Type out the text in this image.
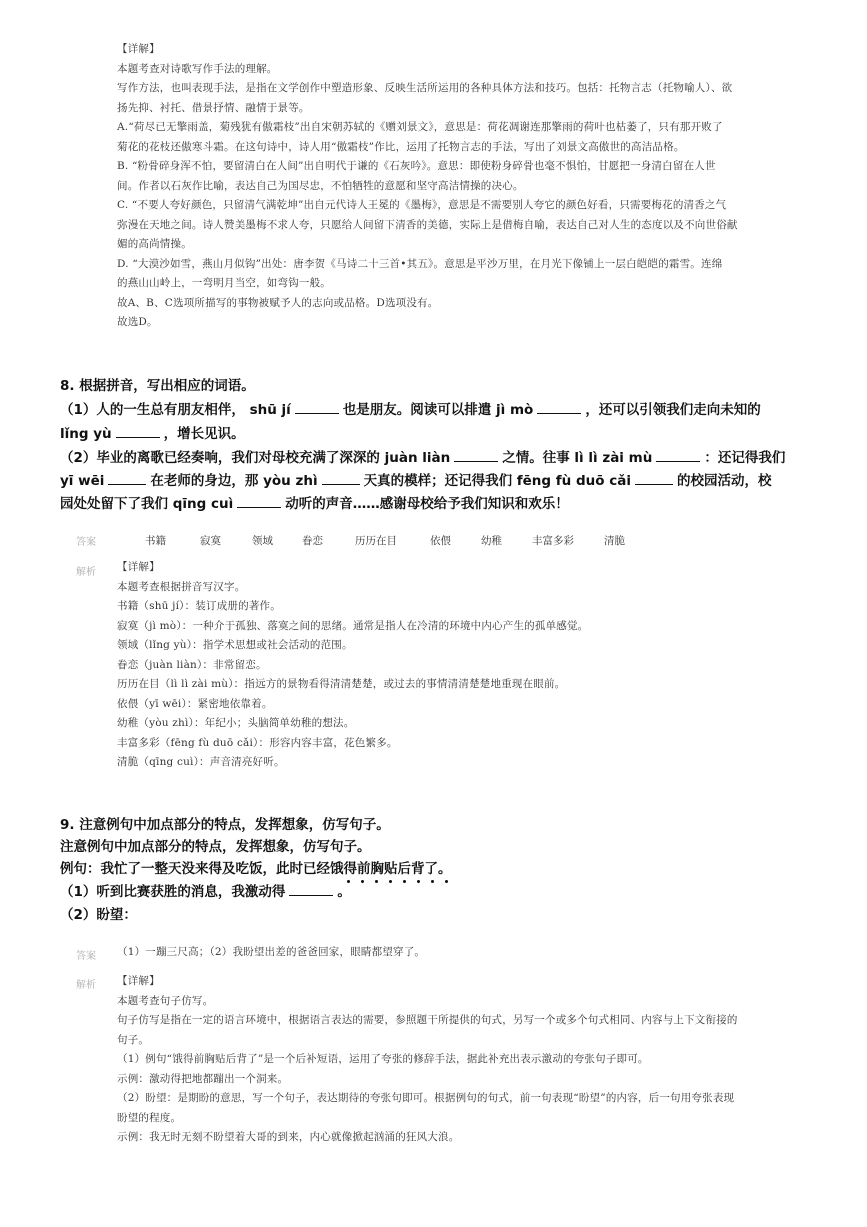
【详解】
本题考查对诗歌写作手法的理解。
写作方法，也叫表现手法，是指在文学创作中塑造形象、反映生活所运用的各种具体方法和技巧。包括：托物言志（托物喻人）、欲
扬先抑、衬托、借景抒情、融情于景等。
A.“荷尽已无擎雨盖，菊残犹有傲霜枝”出自宋朝苏轼的《赠刘景文》，意思是：荷花凋谢连那擎雨的荷叶也枯萎了，只有那开败了
菊花的花枝还傲寒斗霜。在这句诗中，诗人用“傲霜枝”作比，运用了托物言志的手法，写出了刘景文高傲世的高洁品格。
B. “粉骨碎身浑不怕，要留清白在人间”出自明代于谦的《石灰吟》。意思：即使粉身碎骨也毫不惧怕，甘愿把一身清白留在人世
间。作者以石灰作比喻，表达自己为国尽忠，不怕牺牲的意愿和坚守高洁情操的决心。
C. “不要人夸好颜色，只留清气满乾坤”出自元代诗人王冕的《墨梅》，意思是不需要别人夸它的颜色好看，只需要梅花的清香之气
弥漫在天地之间。诗人赞美墨梅不求人夸，只愿给人间留下清香的美德，实际上是借梅自喻，表达自己对人生的态度以及不向世俗献
媚的高尚情操。
D. “大漠沙如雪，燕山月似钩”出处：唐李贺《马诗二十三首•其五》。意思是平沙万里，在月光下像铺上一层白皑皑的霜雪。连绵
的燕山山岭上，一弯明月当空，如弯钩一般。
故A、B、C选项所描写的事物被赋予人的志向或品格。D选项没有。
故选D。
8. 根据拼音，写出相应的词语。
（1）人的一生总有朋友相伴， shū jí	也是朋友。阅读可以排遣 jì mò	，还可以引领我们走向未知的
lǐng yù	，增长见识。
（2）毕业的离歌已经奏响，我们对母校充满了深深的 juàn liàn	之情。往事 lì lì zài mù	：还记得我们
yī wēi	在老师的身边，那 yòu zhì	天真的模样；还记得我们 fēng fù duō cǎi	的校园活动，校
园处处留下了我们 qīng cuì	动听的声音……感谢母校给予我们知识和欢乐！
答案	书籍	寂寞	领域	眷恋	历历在目	依偎	幼稚	丰富多彩	清脆
解析 【详解】
本题考查根据拼音写汉字。
书籍（shū jí）：装订成册的著作。
寂寞（jì mò）：一种介于孤独、落寞之间的思绪。通常是指人在冷清的环境中内心产生的孤单感觉。
领域（lǐng yù）：指学术思想或社会活动的范围。
眷恋（juàn liàn）：非常留恋。
历历在目（lì lì zài mù）：指远方的景物看得清清楚楚，或过去的事情清清楚楚地重现在眼前。
依偎（yī wēi）：紧密地依靠着。
幼稚（yòu zhì）：年纪小；头脑简单幼稚的想法。
丰富多彩（fēng fù duō cǎi）：形容内容丰富，花色繁多。
清脆（qīng cuì）：声音清亮好听。
9. 注意例句中加点部分的特点，发挥想象，仿写句子。
注意例句中加点部分的特点，发挥想象，仿写句子。
例句：我忙了一整天没来得及吃饭，此时已经饿得前胸贴后背了。
（1）听到比赛获胜的消息，我激动得	。
（2）盼望：
答案 （1）一蹦三尺高；（2）我盼望出差的爸爸回家，眼睛都望穿了。
解析 【详解】
本题考查句子仿写。
句子仿写是指在一定的语言环境中，根据语言表达的需要，参照题干所提供的句式，另写一个或多个句式相同、内容与上下文衔接的
句子。
（1）例句“饿得前胸贴后背了”是一个后补短语，运用了夸张的修辞手法，据此补充出表示激动的夸张句子即可。
示例：激动得把地都蹦出一个洞来。
（2）盼望：是期盼的意思，写一个句子，表达期待的夸张句即可。根据例句的句式，前一句表现“盼望”的内容，后一句用夸张表现
盼望的程度。
示例：我无时无刻不盼望着大哥的到来，内心就像掀起汹涌的狂风大浪。
